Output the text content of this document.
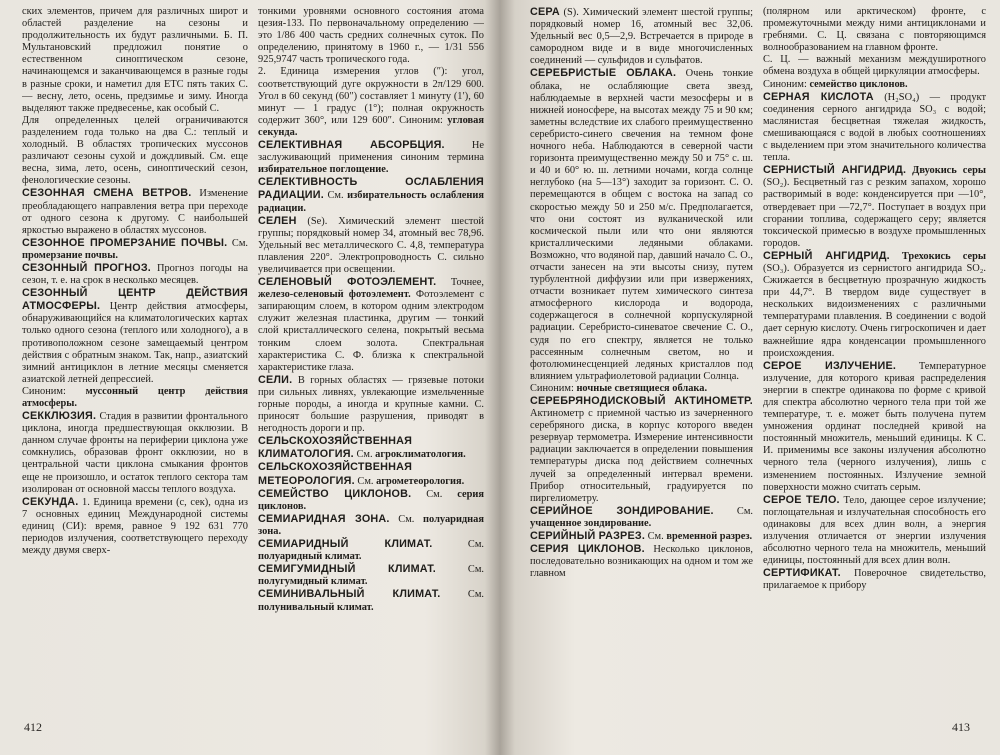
ских элементов, причем для различных широт и областей разделение на сезоны и продолжительность их будут различными. Б. П. Мультановский предложил понятие о естественном синоптическом сезоне, начинающемся и заканчивающемся в разные годы в разные сроки, и наметил для ЕТС пять таких С. — весну, лето, осень, предзимье и зиму. Иногда выделяют также предвесенье, как особый С.

Для определенных целей ограничиваются разделением года только на два С.: теплый и холодный. В областях тропических муссонов различают сезоны сухой и дождливый. См. еще весна, зима, лето, осень, синоптический сезон, фенологические сезоны.

СЕЗОННАЯ СМЕНА ВЕТРОВ. Изменение преобладающего направления ветра при переходе от одного сезона к другому. С наибольшей яркостью выражено в областях муссонов.

СЕЗОННОЕ ПРОМЕРЗАНИЕ ПОЧВЫ. См. промерзание почвы.

СЕЗОННЫЙ ПРОГНОЗ. Прогноз погоды на сезон, т. е. на срок в несколько месяцев.

СЕЗОННЫЙ ЦЕНТР ДЕЙСТВИЯ АТМОСФЕРЫ. Центр действия атмосферы, обнаруживающийся на климатологических картах только одного сезона (теплого или холодного), а в противоположном сезоне замещаемый центром действия с обратным знаком. Так, напр., азиатский зимний антициклон в летние месяцы сменяется азиатской летней депрессией.

Синоним: муссонный центр действия атмосферы.

СЕККЛЮЗИЯ. Стадия в развитии фронтального циклона, иногда предшествующая окклюзии. В данном случае фронты на периферии циклона уже сомкнулись, образовав фронт окклюзии, но в центральной части циклона смыкания фронтов еще не произошло, и остаток теплого сектора там изолирован от основной массы теплого воздуха.

СЕКУНДА. 1. Единица времени (с, сек), одна из 7 основных единиц Международной системы единиц (СИ): время, равное 9 192 631 770 периодов излучения, соответствующего переходу между двумя сверх-

тонкими уровнями основного состояния атома цезия-133. По первоначальному определению — это 1/86 400 часть средних солнечных суток. По определению, принятому в 1960 г., — 1/31 556 925,9747 часть тропического года.

2. Единица измерения углов (″): угол, соответствующий дуге окружности в 2π/129 600. Угол в 60 секунд (60″) составляет 1 минуту (1′), 60 минут — 1 градус (1°); полная окружность содержит 360°, или 129 600″. Синоним: угловая секунда.

СЕЛЕКТИВНАЯ АБСОРБЦИЯ. Не заслуживающий применения синоним термина избирательное поглощение.

СЕЛЕКТИВНОСТЬ ОСЛАБЛЕНИЯ РАДИАЦИИ. См. избирательность ослабления радиации.

СЕЛЕН (Se). Химический элемент шестой группы; порядковый номер 34, атомный вес 78,96. Удельный вес металлического С. 4,8, температура плавления 220°. Электропроводность С. сильно увеличивается при освещении.

СЕЛЕНОВЫЙ ФОТОЭЛЕМЕНТ. Точнее, железо-селеновый фотоэлемент. Фотоэлемент с запирающим слоем, в котором одним электродом служит железная пластинка, другим — тонкий слой кристаллического селена, покрытый весьма тонким слоем золота. Спектральная характеристика С. Ф. близка к спектральной характеристике глаза.

СЕЛИ. В горных областях — грязевые потоки при сильных ливнях, увлекающие измельченные горные породы, а иногда и крупные камни. С. приносят большие разрушения, приводят в негодность дороги и пр.

СЕЛЬСКОХОЗЯЙСТВЕННАЯ КЛИМАТОЛОГИЯ. См. агроклиматология.

СЕЛЬСКОХОЗЯЙСТВЕННАЯ МЕТЕОРОЛОГИЯ. См. агрометеорология.

СЕМЕЙСТВО ЦИКЛОНОВ. См. серия циклонов.

СЕМИАРИДНАЯ ЗОНА. См. полуаридная зона.

СЕМИАРИДНЫЙ КЛИМАТ. См. полуаридный климат.

СЕМИГУМИДНЫЙ КЛИМАТ. См. полугумидный климат.

СЕМИНИВАЛЬНЫЙ КЛИМАТ. См. полунивальный климат.

412

СЕРА (S). Химический элемент шестой группы; порядковый номер 16, атомный вес 32,06. Удельный вес 0,5—2,9. Встречается в природе в самородном виде и в виде многочисленных соединений — сульфидов и сульфатов.

СЕРЕБРИСТЫЕ ОБЛАКА. Очень тонкие облака, не ослабляющие света звезд, наблюдаемые в верхней части мезосферы и в нижней ионосфере, на высотах между 75 и 90 км; заметны вследствие их слабого преимущественно серебристо-синего свечения на темном фоне ночного неба. Наблюдаются в северной части горизонта преимущественно между 50 и 75° с. ш. и 40 и 60° ю. ш. летними ночами, когда солнце неглубоко (на 5—13°) заходит за горизонт. С. О. перемещаются в общем с востока на запад со скоростью между 50 и 250 м/с. Предполагается, что они состоят из вулканической или космической пыли или что они являются кристаллическими ледяными облаками. Возможно, что водяной пар, давший начало С. О., отчасти занесен на эти высоты снизу, путем турбулентной диффузии или при извержениях, отчасти возникает путем химического синтеза атмосферного кислорода и водорода, содержащегося в солнечной корпускулярной радиации. Серебристо-синеватое свечение С. О., судя по его спектру, является не только рассеянным солнечным светом, но и фотолюминесценцией ледяных кристаллов под влиянием ультрафиолетовой радиации Солнца.

Синоним: ночные светящиеся облака.

СЕРЕБРЯНОДИСКОВЫЙ АКТИНОМЕТР. Актинометр с приемной частью из зачерненного серебряного диска, в корпус которого введен резервуар термометра. Измерение интенсивности радиации заключается в определении повышения температуры диска под действием солнечных лучей за определенный интервал времени. Прибор относительный, градуируется по пиргелиометру.

СЕРИЙНОЕ ЗОНДИРОВАНИЕ. См. учащенное зондирование.

СЕРИЙНЫЙ РАЗРЕЗ. См. временной разрез.

СЕРИЯ ЦИКЛОНОВ. Несколько циклонов, последовательно возникающих на одном и том же главном

(полярном или арктическом) фронте, с промежуточными между ними антициклонами и гребнями. С. Ц. связана с повторяющимся волнообразованием на главном фронте.

С. Ц. — важный механизм междуширотного обмена воздуха в общей циркуляции атмосферы.

Синоним: семейство циклонов.

СЕРНАЯ КИСЛОТА (H₂SO₄) — продукт соединения серного ангидрида SO₃ с водой; маслянистая бесцветная тяжелая жидкость, смешивающаяся с водой в любых соотношениях с выделением при этом значительного количества тепла.

СЕРНИСТЫЙ АНГИДРИД. Двуокись серы (SO₂). Бесцветный газ с резким запахом, хорошо растворимый в воде: конденсируется при —10°, отвердевает при —72,7°. Поступает в воздух при сгорании топлива, содержащего серу; является токсической примесью в воздухе промышленных городов.

СЕРНЫЙ АНГИДРИД. Трехокись серы (SO₃). Образуется из сернистого ангидрида SO₂. Сжижается в бесцветную прозрачную жидкость при 44,7°. В твердом виде существует в нескольких видоизменениях с различными температурами плавления. В соединении с водой дает серную кислоту. Очень гигроскопичен и дает важнейшие ядра конденсации промышленного происхождения.

СЕРОЕ ИЗЛУЧЕНИЕ. Температурное излучение, для которого кривая распределения энергии в спектре одинакова по форме с кривой для спектра абсолютно черного тела при той же температуре, т. е. может быть получена путем умножения ординат последней кривой на постоянный множитель, меньший единицы. К С. И. применимы все законы излучения абсолютно черного тела (черного излучения), лишь с изменением постоянных. Излучение земной поверхности можно считать серым.

СЕРОЕ ТЕЛО. Тело, дающее серое излучение; поглощательная и излучательная способность его одинаковы для всех длин волн, а энергия излучения отличается от энергии излучения абсолютно черного тела на множитель, меньший единицы, постоянный для всех длин волн.

СЕРТИФИКАТ. Поверочное свидетельство, прилагаемое к прибору

413
